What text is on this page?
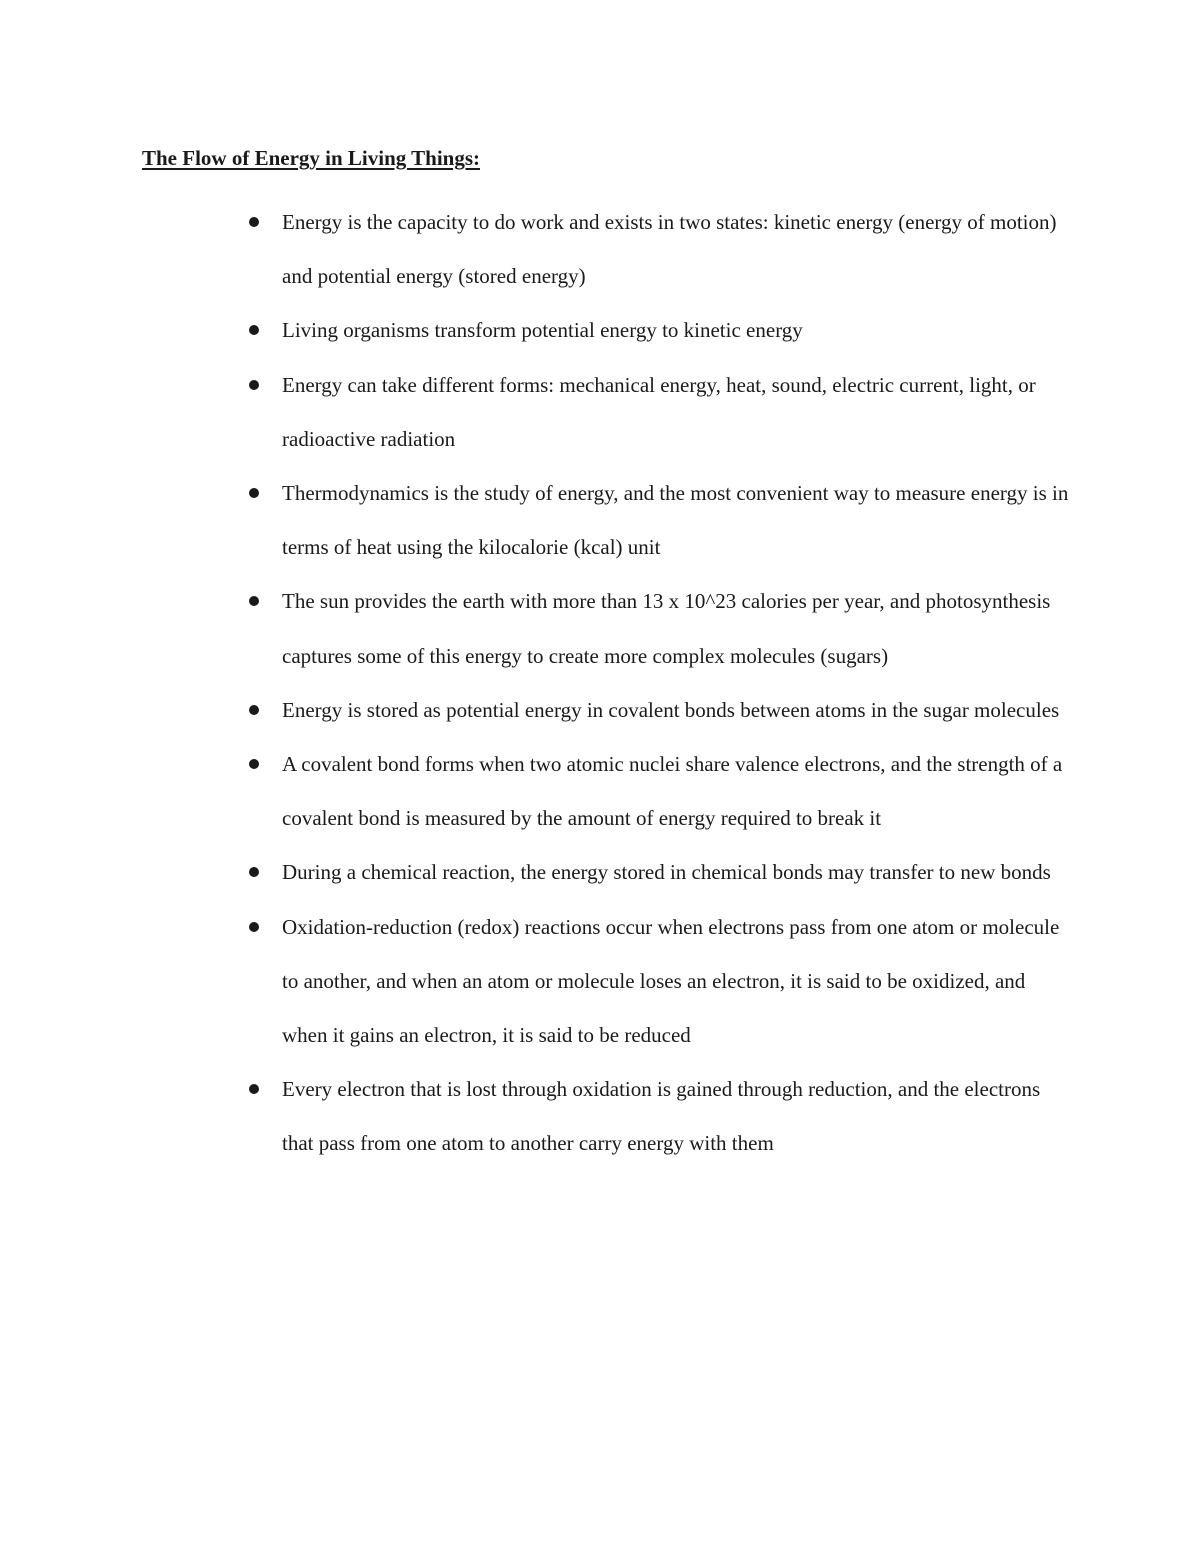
The Flow of Energy in Living Things:
Energy is the capacity to do work and exists in two states: kinetic energy (energy of motion) and potential energy (stored energy)
Living organisms transform potential energy to kinetic energy
Energy can take different forms: mechanical energy, heat, sound, electric current, light, or radioactive radiation
Thermodynamics is the study of energy, and the most convenient way to measure energy is in terms of heat using the kilocalorie (kcal) unit
The sun provides the earth with more than 13 x 10^23 calories per year, and photosynthesis captures some of this energy to create more complex molecules (sugars)
Energy is stored as potential energy in covalent bonds between atoms in the sugar molecules
A covalent bond forms when two atomic nuclei share valence electrons, and the strength of a covalent bond is measured by the amount of energy required to break it
During a chemical reaction, the energy stored in chemical bonds may transfer to new bonds
Oxidation-reduction (redox) reactions occur when electrons pass from one atom or molecule to another, and when an atom or molecule loses an electron, it is said to be oxidized, and when it gains an electron, it is said to be reduced
Every electron that is lost through oxidation is gained through reduction, and the electrons that pass from one atom to another carry energy with them
